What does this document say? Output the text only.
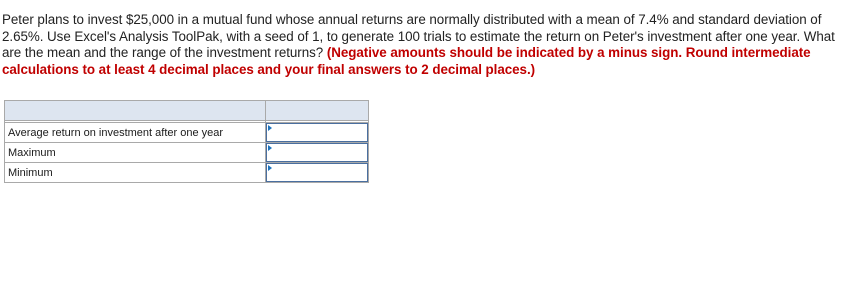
Peter plans to invest $25,000 in a mutual fund whose annual returns are normally distributed with a mean of 7.4% and standard deviation of 2.65%. Use Excel's Analysis ToolPak, with a seed of 1, to generate 100 trials to estimate the return on Peter's investment after one year. What are the mean and the range of the investment returns? (Negative amounts should be indicated by a minus sign. Round intermediate calculations to at least 4 decimal places and your final answers to 2 decimal places.)

Average return on investment after one year	

Maximum	

Minimum	
